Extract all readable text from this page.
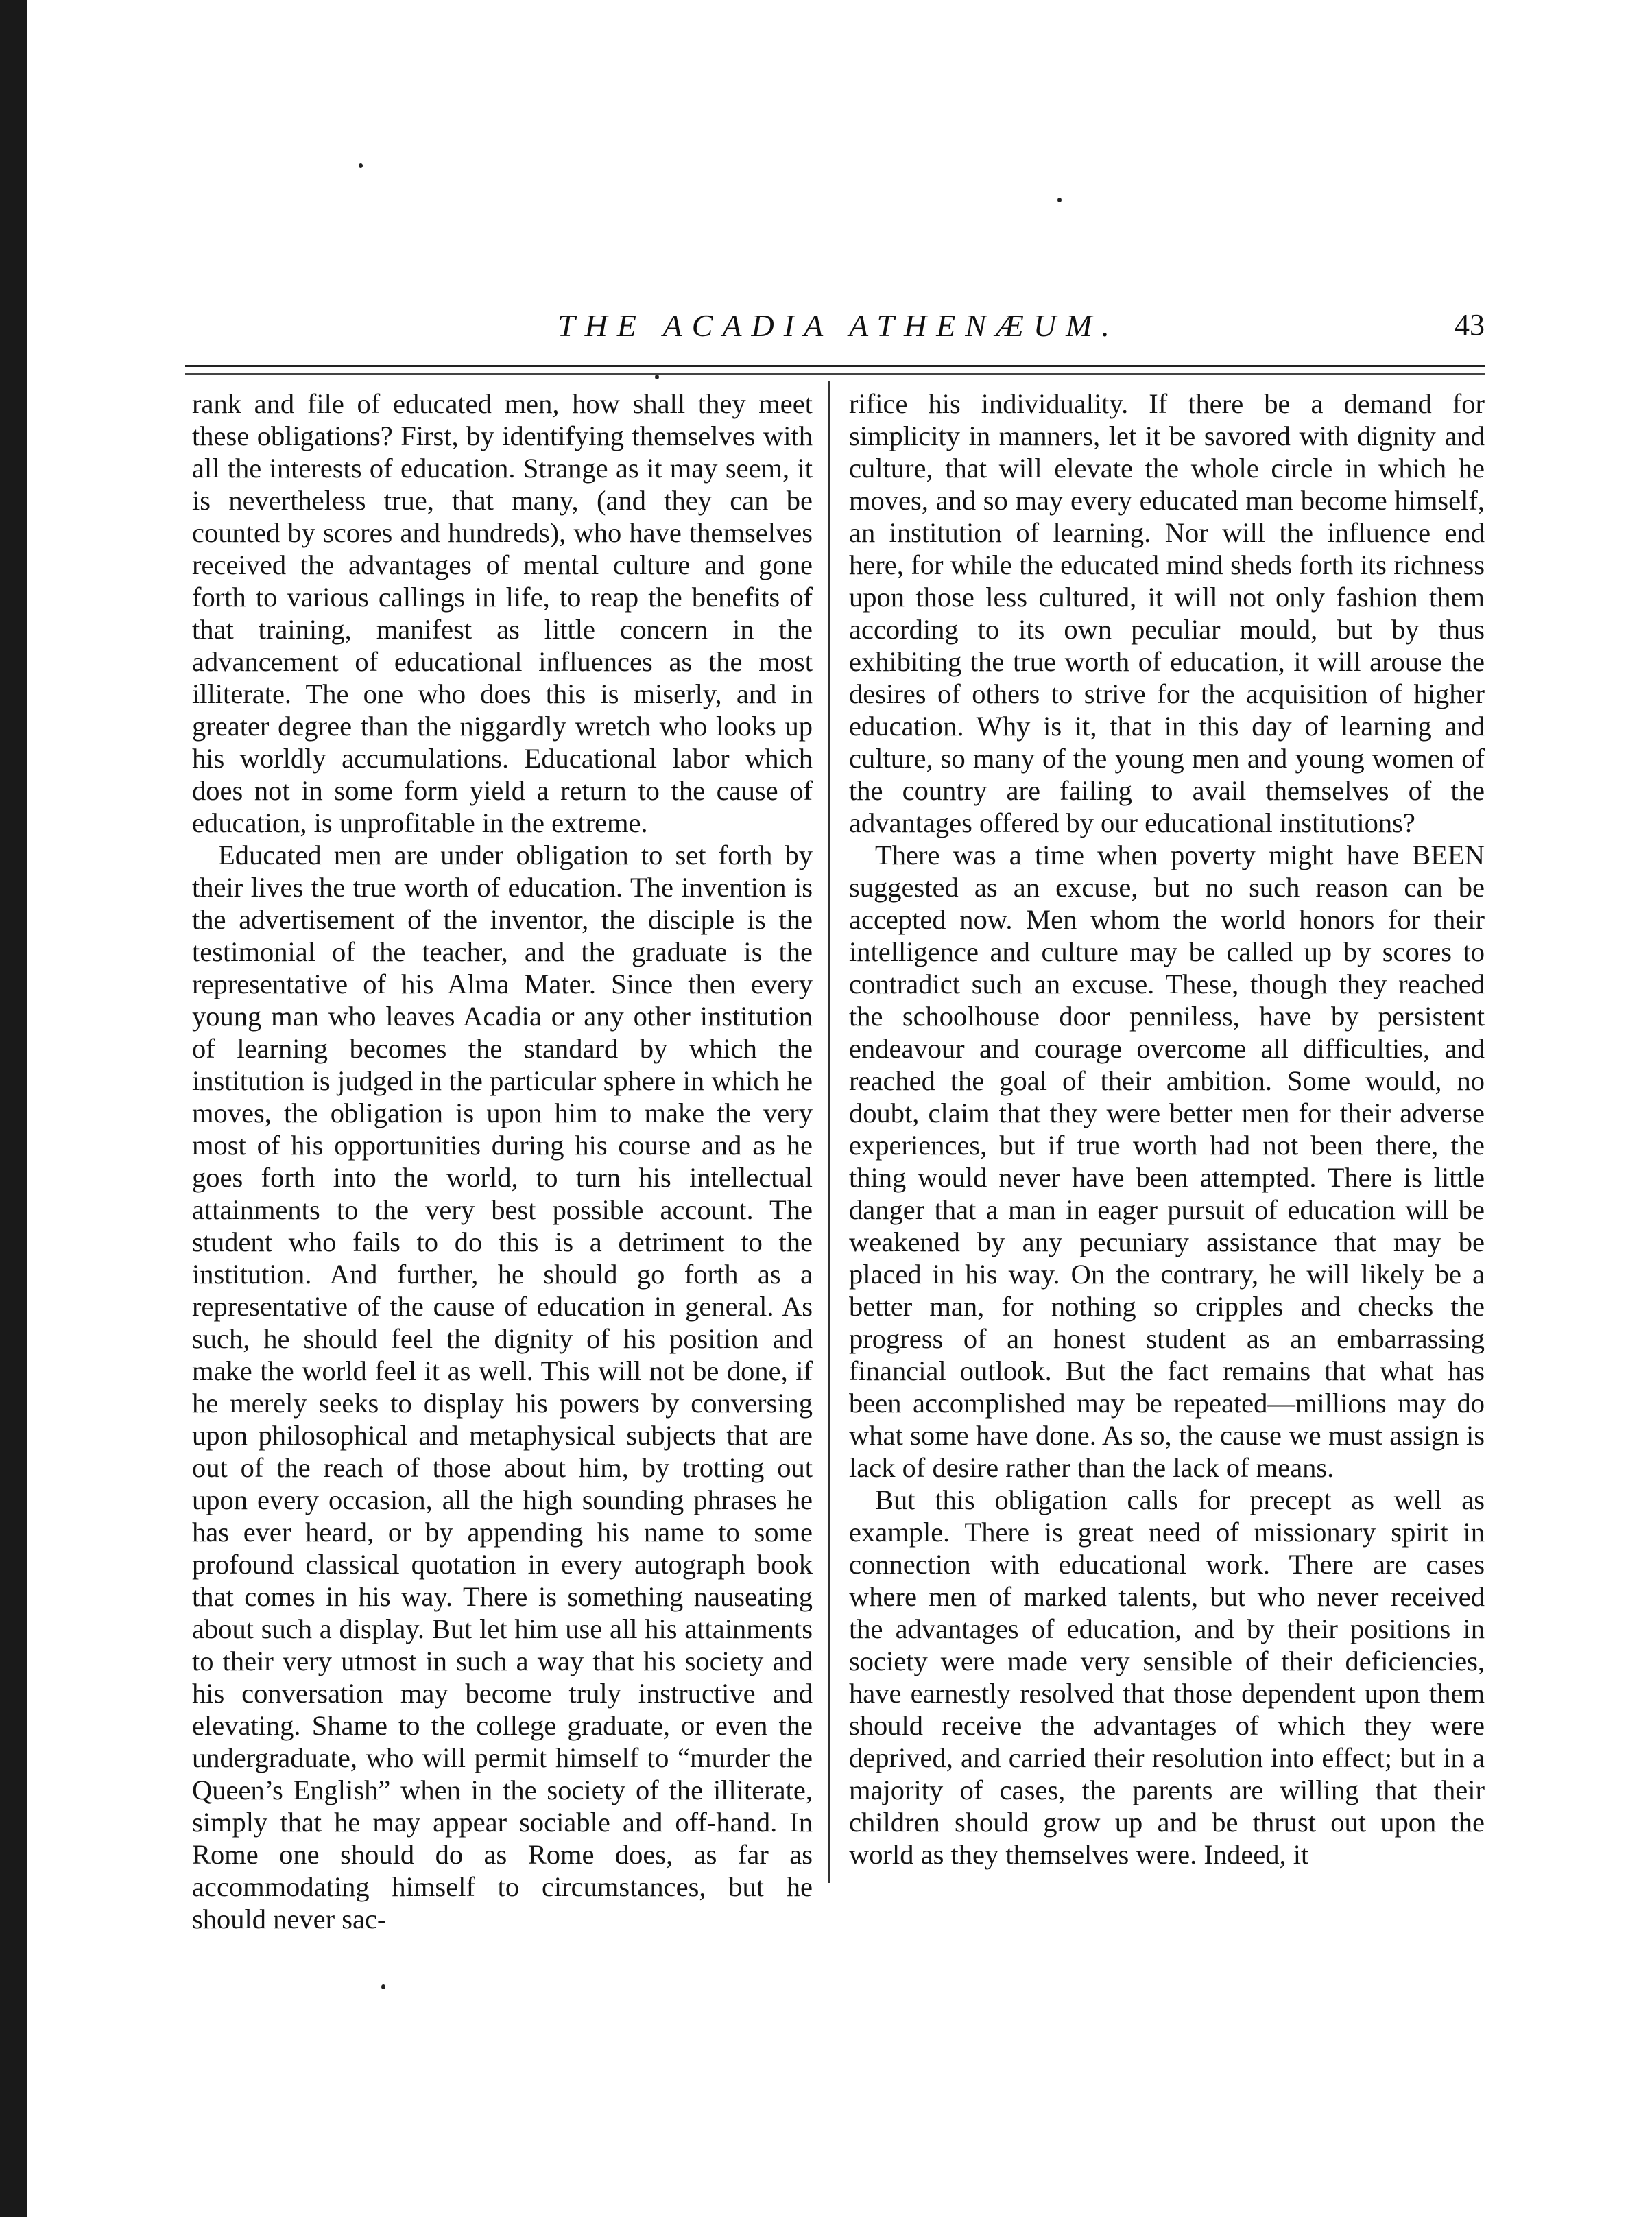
THE ACADIA ATHENÆUM.	43

rank and file of educated men, how shall they meet these obligations? First, by identifying themselves with all the interests of education. Strange as it may seem, it is nevertheless true, that many, (and they can be counted by scores and hundreds), who have themselves received the advantages of mental culture and gone forth to various callings in life, to reap the benefits of that training, manifest as little concern in the advancement of educational influences as the most illiterate. The one who does this is miserly, and in greater degree than the niggardly wretch who looks up his worldly accumulations. Educational labor which does not in some form yield a return to the cause of education, is unprofitable in the extreme.

Educated men are under obligation to set forth by their lives the true worth of education. The invention is the advertisement of the inventor, the disciple is the testimonial of the teacher, and the graduate is the representative of his Alma Mater. Since then every young man who leaves Acadia or any other institution of learning becomes the standard by which the institution is judged in the particular sphere in which he moves, the obligation is upon him to make the very most of his opportunities during his course and as he goes forth into the world, to turn his intellectual attainments to the very best possible account. The student who fails to do this is a detriment to the institution. And further, he should go forth as a representative of the cause of education in general. As such, he should feel the dignity of his position and make the world feel it as well. This will not be done, if he merely seeks to display his powers by conversing upon philosophical and metaphysical subjects that are out of the reach of those about him, by trotting out upon every occasion, all the high sounding phrases he has ever heard, or by appending his name to some profound classical quotation in every autograph book that comes in his way. There is something nauseating about such a display. But let him use all his attainments to their very utmost in such a way that his society and his conversation may become truly instructive and elevating. Shame to the college graduate, or even the undergraduate, who will permit himself to “murder the Queen’s English” when in the society of the illiterate, simply that he may appear sociable and off-hand. In Rome one should do as Rome does, as far as accommodating himself to circumstances, but he should never sac-

rifice his individuality. If there be a demand for simplicity in manners, let it be savored with dignity and culture, that will elevate the whole circle in which he moves, and so may every educated man become himself, an institution of learning. Nor will the influence end here, for while the educated mind sheds forth its richness upon those less cultured, it will not only fashion them according to its own peculiar mould, but by thus exhibiting the true worth of education, it will arouse the desires of others to strive for the acquisition of higher education. Why is it, that in this day of learning and culture, so many of the young men and young women of the country are failing to avail themselves of the advantages offered by our educational institutions?

There was a time when poverty might have BEEN suggested as an excuse, but no such reason can be accepted now. Men whom the world honors for their intelligence and culture may be called up by scores to contradict such an excuse. These, though they reached the schoolhouse door penniless, have by persistent endeavour and courage overcome all difficulties, and reached the goal of their ambition. Some would, no doubt, claim that they were better men for their adverse experiences, but if true worth had not been there, the thing would never have been attempted. There is little danger that a man in eager pursuit of education will be weakened by any pecuniary assistance that may be placed in his way. On the contrary, he will likely be a better man, for nothing so cripples and checks the progress of an honest student as an embarrassing financial outlook. But the fact remains that what has been accomplished may be repeated—millions may do what some have done. As so, the cause we must assign is lack of desire rather than the lack of means.

But this obligation calls for precept as well as example. There is great need of missionary spirit in connection with educational work. There are cases where men of marked talents, but who never received the advantages of education, and by their positions in society were made very sensible of their deficiencies, have earnestly resolved that those dependent upon them should receive the advantages of which they were deprived, and carried their resolution into effect; but in a majority of cases, the parents are willing that their children should grow up and be thrust out upon the world as they themselves were. Indeed, it
